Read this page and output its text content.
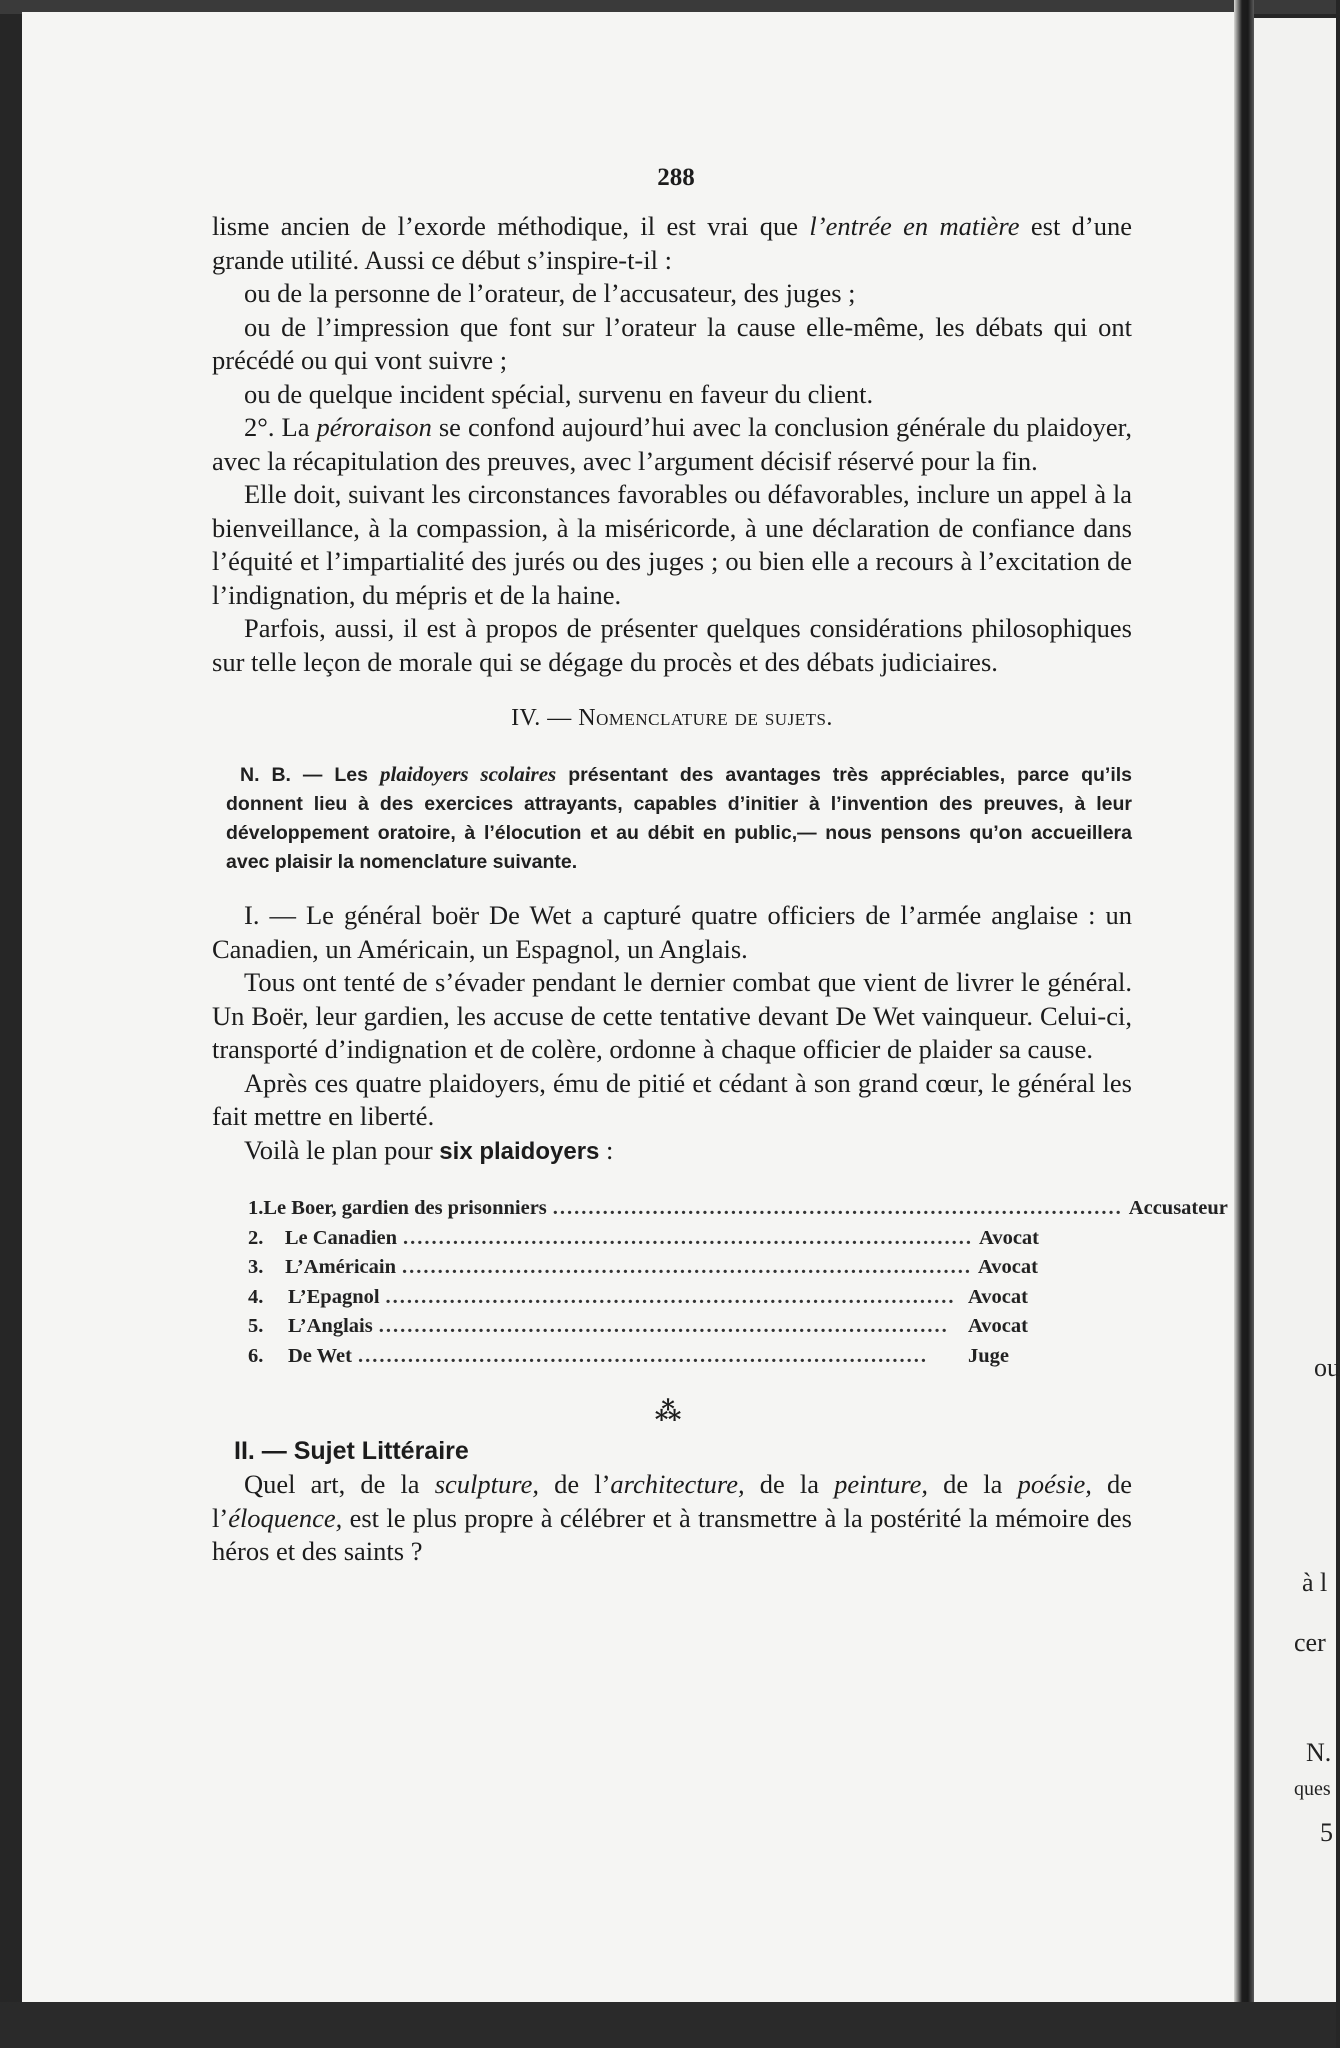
ou
à l
cer
N.
ques
5
288

lisme ancien de l’exorde méthodique, il est vrai que l’entrée en matière est d’une grande utilité. Aussi ce début s’inspire-t-il :

ou de la personne de l’orateur, de l’accusateur, des juges ;

ou de l’impression que font sur l’orateur la cause elle-même, les débats qui ont précédé ou qui vont suivre ;

ou de quelque incident spécial, survenu en faveur du client.

2°. La péroraison se confond aujourd’hui avec la conclusion générale du plaidoyer, avec la récapitulation des preuves, avec l’argument décisif réservé pour la fin.

Elle doit, suivant les circonstances favorables ou défavorables, inclure un appel à la bienveillance, à la compassion, à la miséricorde, à une déclaration de confiance dans l’équité et l’impartialité des jurés ou des juges ; ou bien elle a recours à l’excitation de l’indignation, du mépris et de la haine.

Parfois, aussi, il est à propos de présenter quelques considérations philosophiques sur telle leçon de morale qui se dégage du procès et des débats judiciaires.

IV. — Nomenclature de sujets.

N. B. — Les plaidoyers scolaires présentant des avantages très appréciables, parce qu’ils donnent lieu à des exercices attrayants, capables d’initier à l’invention des preuves, à leur développement oratoire, à l’élocution et au débit en public,— nous pensons qu’on accueillera avec plaisir la nomenclature suivante.

I. — Le général boër De Wet a capturé quatre officiers de l’armée anglaise : un Canadien, un Américain, un Espagnol, un Anglais.

Tous ont tenté de s’évader pendant le dernier combat que vient de livrer le général. Un Boër, leur gardien, les accuse de cette tentative devant De Wet vainqueur. Celui-ci, transporté d’indignation et de colère, ordonne à chaque officier de plaider sa cause.

Après ces quatre plaidoyers, ému de pitié et cédant à son grand cœur, le général les fait mettre en liberté.

Voilà le plan pour six plaidoyers :

1. Le Boer, gardien des prisonniers ................................................................................ Accusateur
2.	Le Canadien ................................................................................ Avocat
3.	L’Américain ................................................................................ Avocat
4.	L’Epagnol ................................................................................ Avocat
5.	L’Anglais ................................................................................ Avocat
6.	De Wet ................................................................................	Juge
⁂
II. — Sujet Littéraire

Quel art, de la sculpture, de l’architecture, de la peinture, de la poésie, de l’éloquence, est le plus propre à célébrer et à transmettre à la postérité la mémoire des héros et des saints ?
